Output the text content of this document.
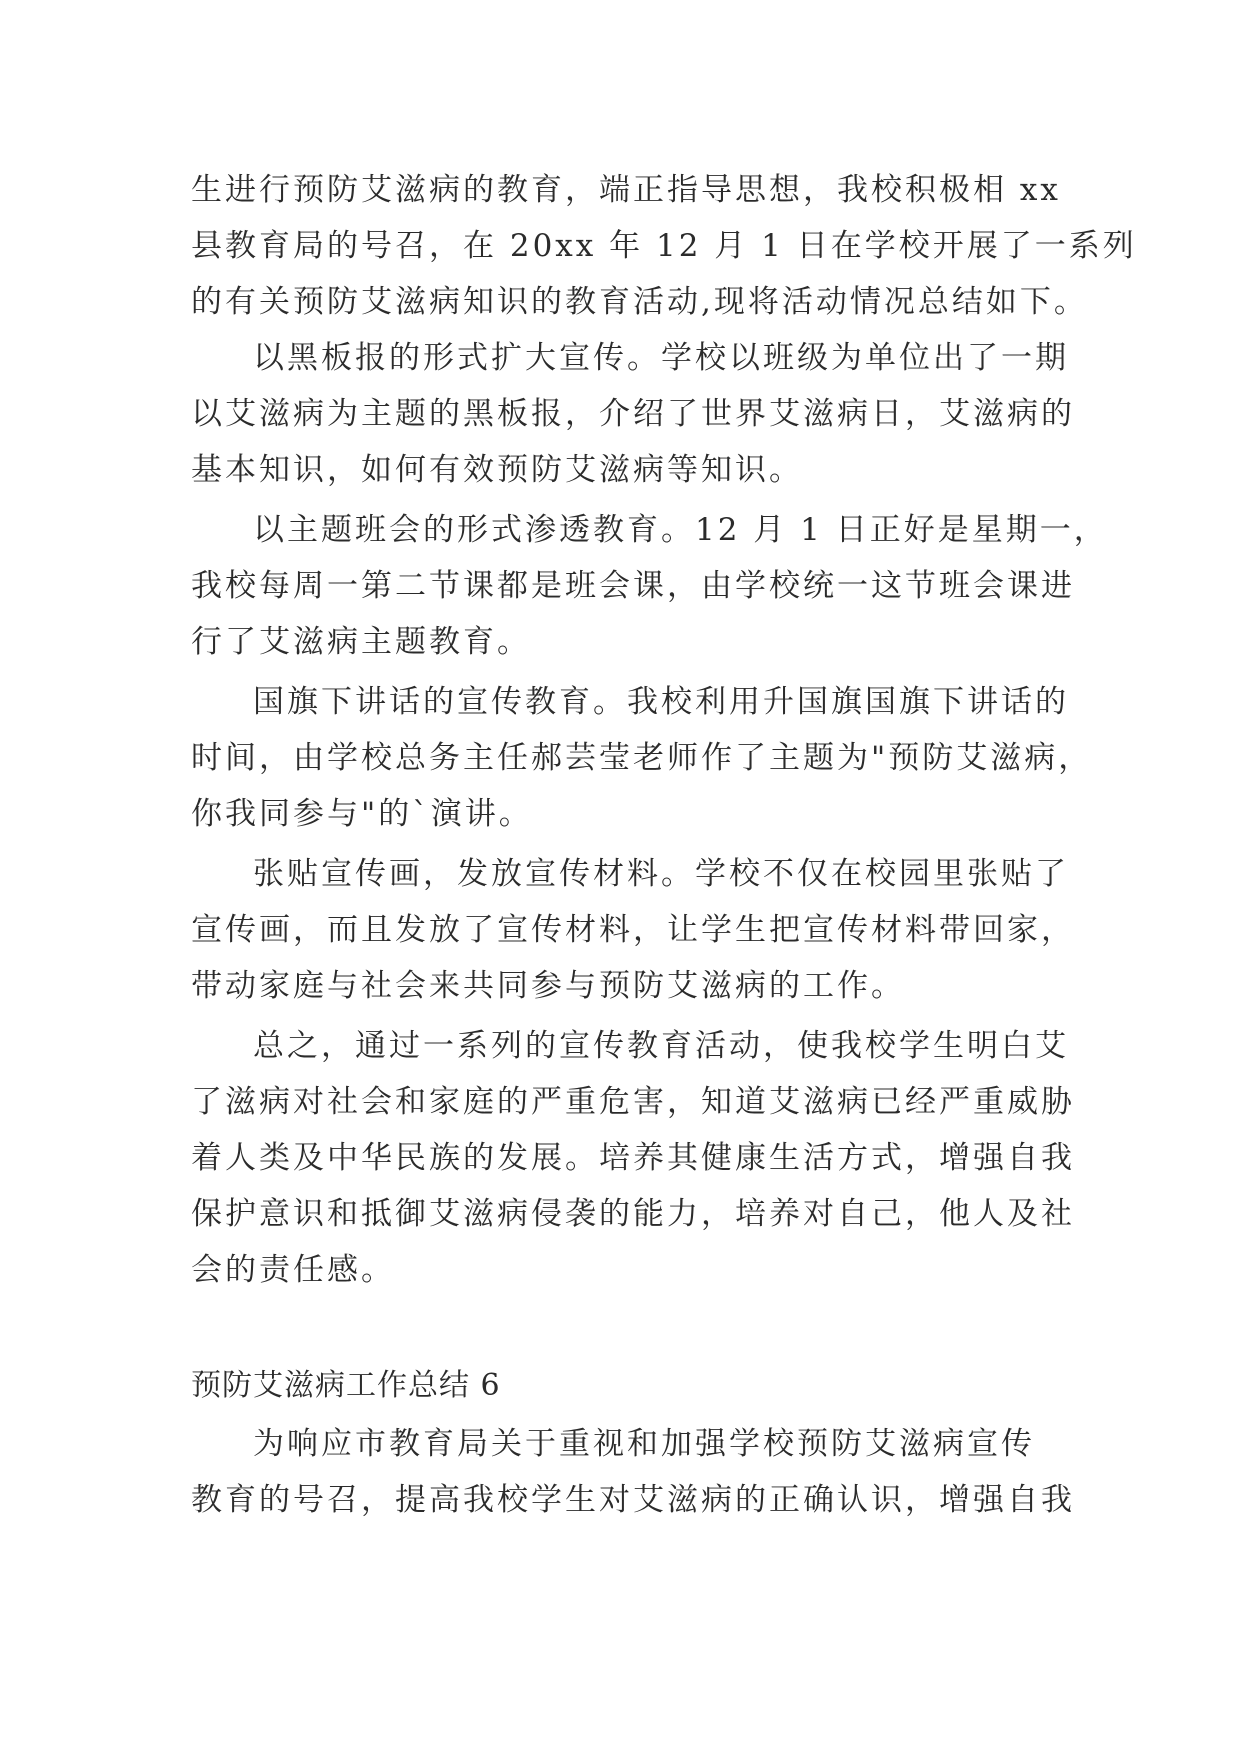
生进行预防艾滋病的教育，端正指导思想，我校积极相 xx
县教育局的号召，在 20xx 年 12 月 1 日在学校开展了一系列
的有关预防艾滋病知识的教育活动,现将活动情况总结如下。
以黑板报的形式扩大宣传。学校以班级为单位出了一期
以艾滋病为主题的黑板报，介绍了世界艾滋病日，艾滋病的
基本知识，如何有效预防艾滋病等知识。
以主题班会的形式渗透教育。12 月 1 日正好是星期一，
我校每周一第二节课都是班会课，由学校统一这节班会课进
行了艾滋病主题教育。
国旗下讲话的宣传教育。我校利用升国旗国旗下讲话的
时间，由学校总务主任郝芸莹老师作了主题为"预防艾滋病，
你我同参与"的`演讲。
张贴宣传画，发放宣传材料。学校不仅在校园里张贴了
宣传画，而且发放了宣传材料，让学生把宣传材料带回家，
带动家庭与社会来共同参与预防艾滋病的工作。
总之，通过一系列的宣传教育活动，使我校学生明白艾
了滋病对社会和家庭的严重危害，知道艾滋病已经严重威胁
着人类及中华民族的发展。培养其健康生活方式，增强自我
保护意识和抵御艾滋病侵袭的能力，培养对自己，他人及社
会的责任感。
预防艾滋病工作总结 6
为响应市教育局关于重视和加强学校预防艾滋病宣传
教育的号召，提高我校学生对艾滋病的正确认识，增强自我
